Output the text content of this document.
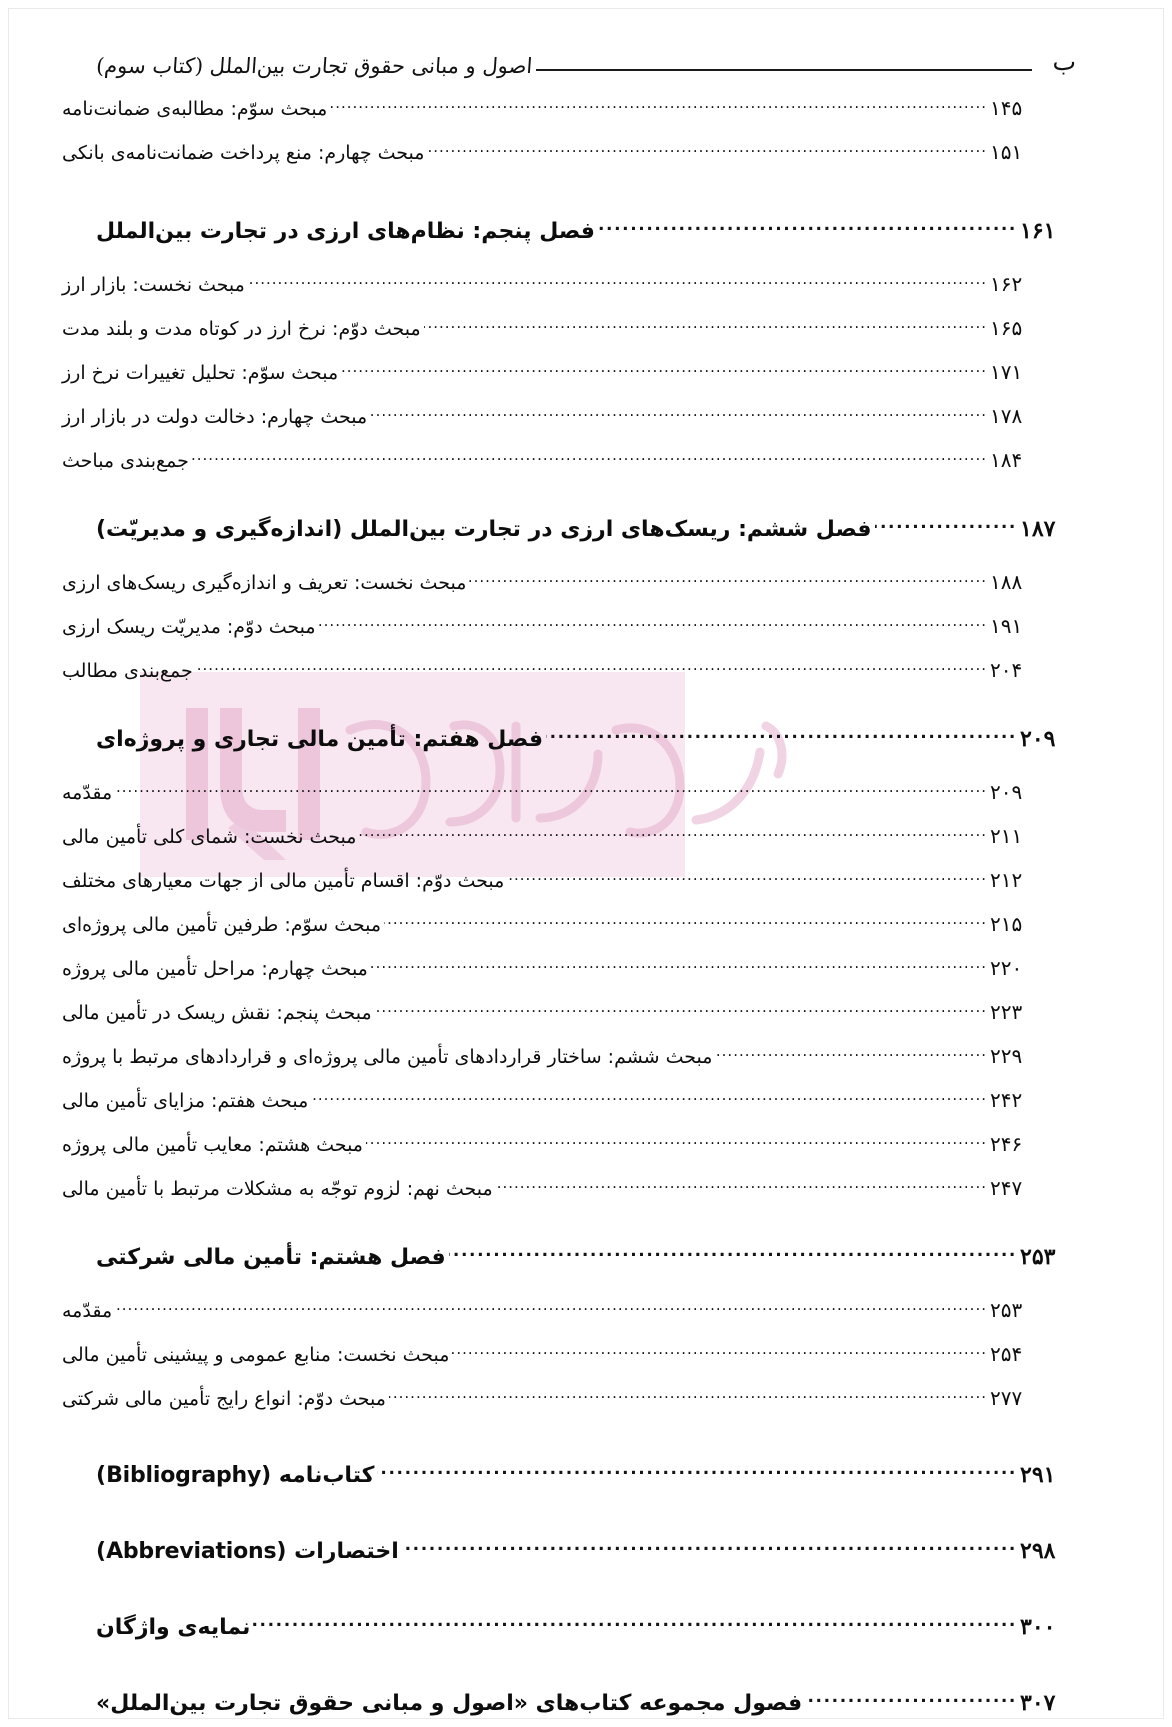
ب
اصول و مبانی حقوق تجارت بین‌الملل (کتاب سوم)
۱۴۵
.....
مبحث سوّم: مطالبه‌ی ضمانت‌نامه
۱۵۱
.....
مبحث چهارم: منع پرداخت ضمانت‌نامه‌ی بانکی
۱۶۱
.....
فصل پنجم: نظام‌های ارزی در تجارت بین‌الملل
۱۶۲
.....
مبحث نخست: بازار ارز
۱۶۵
.....
مبحث دوّم: نرخ ارز در کوتاه مدت و بلند مدت
۱۷۱
.....
مبحث سوّم: تحلیل تغییرات نرخ ارز
۱۷۸
.....
مبحث چهارم: دخالت دولت در بازار ارز
۱۸۴
.....
جمع‌بندی مباحث
۱۸۷
.....
فصل ششم: ریسک‌های ارزی در تجارت بین‌الملل (اندازه‌گیری و مدیریّت)
۱۸۸
.....
مبحث نخست: تعریف و اندازه‌گیری ریسک‌های ارزی
۱۹۱
.....
مبحث دوّم: مدیریّت ریسک ارزی
۲۰۴
.....
جمع‌بندی مطالب
۲۰۹
.....
فصل هفتم: تأمین مالی تجاری و پروژه‌ای
۲۰۹
.....
مقدّمه
۲۱۱
.....
مبحث نخست: شمای کلی تأمین مالی
۲۱۲
.....
مبحث دوّم: اقسام تأمین مالی از جهات معیارهای مختلف
۲۱۵
.....
مبحث سوّم: طرفین تأمین مالی پروژه‌ای
۲۲۰
.....
مبحث چهارم: مراحل تأمین مالی پروژه
۲۲۳
.....
مبحث پنجم: نقش ریسک در تأمین مالی
۲۲۹
.....
مبحث ششم: ساختار قراردادهای تأمین مالی پروژه‌ای و قراردادهای مرتبط با پروژه
۲۴۲
.....
مبحث هفتم: مزایای تأمین مالی
۲۴۶
.....
مبحث هشتم: معایب تأمین مالی پروژه
۲۴۷
.....
مبحث نهم: لزوم توجّه به مشکلات مرتبط با تأمین مالی
۲۵۳
.....
فصل هشتم: تأمین مالی شرکتی
۲۵۳
.....
مقدّمه
۲۵۴
.....
مبحث نخست: منابع عمومی و پیشینی تأمین مالی
۲۷۷
.....
مبحث دوّم: انواع رایج تأمین مالی شرکتی
۲۹۱
.....
کتاب‌نامه (Bibliography)
۲۹۸
.....
اختصارات (Abbreviations)
۳۰۰
.....
نمایه‌ی واژگان
۳۰۷
.....
فصول مجموعه کتاب‌های «اصول و مبانی حقوق تجارت بین‌الملل»
